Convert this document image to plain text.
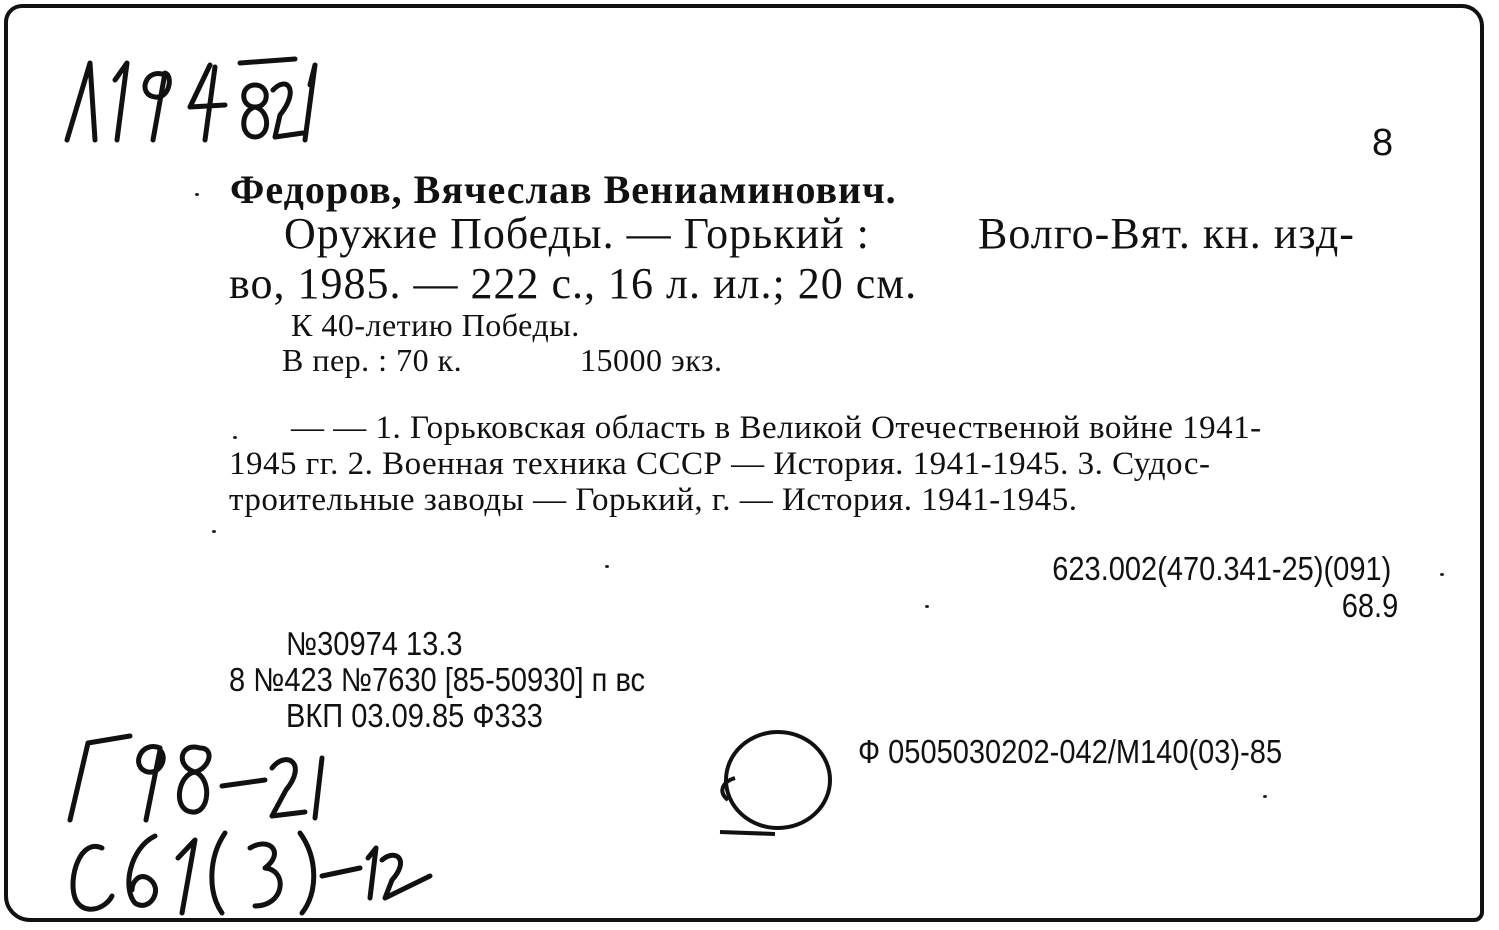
8
Федоров, Вячеслав Вениаминович.
Оружие Победы. — Горький : Волго-Вят. кн. изд-
во, 1985. — 222 с., 16 л. ил.; 20 см.
К 40-летию Победы.
В пер. : 70 к.	15000 экз.
— — 1. Горьковская область в Великой Отечественюй войне 1941-
1945 гг. 2. Военная техника СССР — История. 1941-1945. 3. Судос-
троительные заводы — Горький, г. — История. 1941-1945.
623.002(470.341-25)(091)
68.9
№30974 13.3
8 №423 №7630 [85-50930] п вс
ВКП 03.09.85 Ф333
Ф 0505030202-042/М140(03)-85
